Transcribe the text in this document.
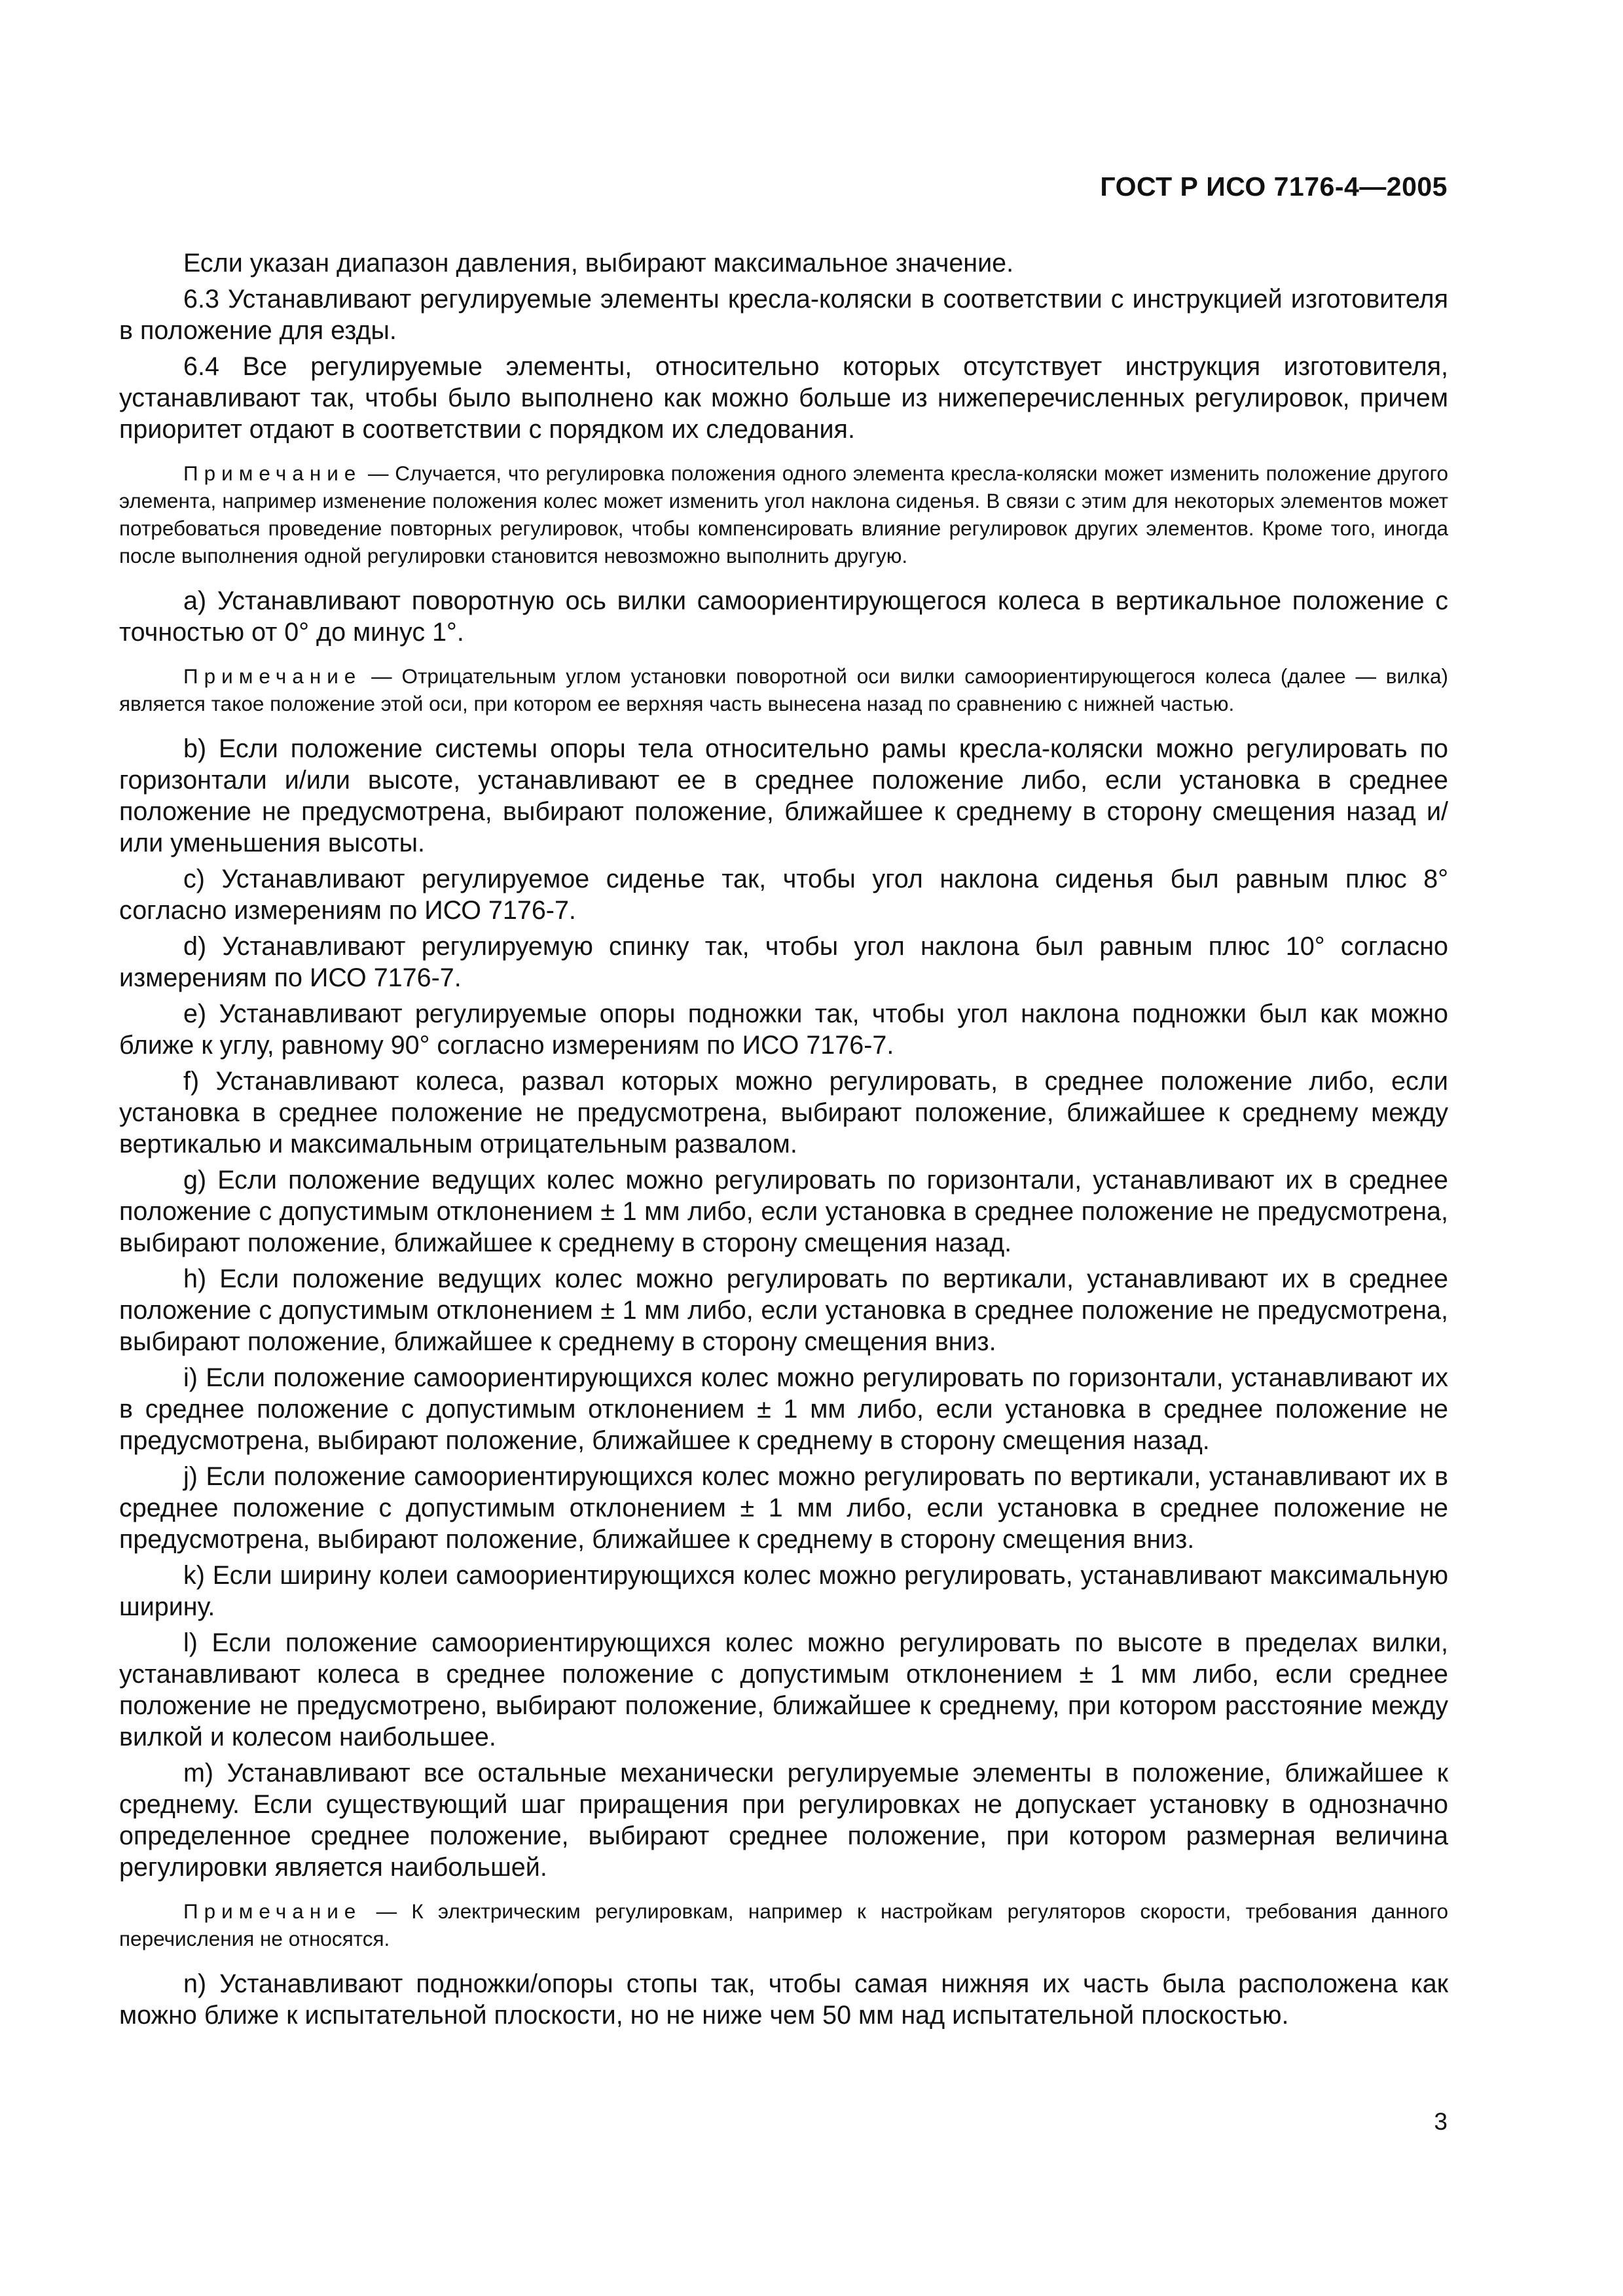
ГОСТ Р ИСО 7176-4—2005
Если указан диапазон давления, выбирают максимальное значение.
6.3 Устанавливают регулируемые элементы кресла-коляски в соответствии с инструкцией изготовителя в положение для езды.
6.4 Все регулируемые элементы, относительно которых отсутствует инструкция изготовителя, устанавливают так, чтобы было выполнено как можно больше из нижеперечисленных регулировок, причем приоритет отдают в соответствии с порядком их следования.
Примечание — Случается, что регулировка положения одного элемента кресла-коляски может изменить положение другого элемента, например изменение положения колес может изменить угол наклона сиденья. В связи с этим для некоторых элементов может потребоваться проведение повторных регулировок, чтобы компенсировать влияние регулировок других элементов. Кроме того, иногда после выполнения одной регулировки становится невозможно выполнить другую.
a) Устанавливают поворотную ось вилки самоориентирующегося колеса в вертикальное положение с точностью от 0° до минус 1°.
Примечание — Отрицательным углом установки поворотной оси вилки самоориентирующегося колеса (далее — вилка) является такое положение этой оси, при котором ее верхняя часть вынесена назад по сравнению с нижней частью.
b) Если положение системы опоры тела относительно рамы кресла-коляски можно регулировать по горизонтали и/или высоте, устанавливают ее в среднее положение либо, если установка в среднее положение не предусмотрена, выбирают положение, ближайшее к среднему в сторону смещения назад и/ или уменьшения высоты.
c) Устанавливают регулируемое сиденье так, чтобы угол наклона сиденья был равным плюс 8° согласно измерениям по ИСО 7176-7.
d) Устанавливают регулируемую спинку так, чтобы угол наклона был равным плюс 10° согласно измерениям по ИСО 7176-7.
e) Устанавливают регулируемые опоры подножки так, чтобы угол наклона подножки был как можно ближе к углу, равному 90° согласно измерениям по ИСО 7176-7.
f) Устанавливают колеса, развал которых можно регулировать, в среднее положение либо, если установка в среднее положение не предусмотрена, выбирают положение, ближайшее к среднему между вертикалью и максимальным отрицательным развалом.
g) Если положение ведущих колес можно регулировать по горизонтали, устанавливают их в среднее положение с допустимым отклонением ± 1 мм либо, если установка в среднее положение не предусмотрена, выбирают положение, ближайшее к среднему в сторону смещения назад.
h) Если положение ведущих колес можно регулировать по вертикали, устанавливают их в среднее положение с допустимым отклонением ± 1 мм либо, если установка в среднее положение не предусмотрена, выбирают положение, ближайшее к среднему в сторону смещения вниз.
i) Если положение самоориентирующихся колес можно регулировать по горизонтали, устанавливают их в среднее положение с допустимым отклонением ± 1 мм либо, если установка в среднее положение не предусмотрена, выбирают положение, ближайшее к среднему в сторону смещения назад.
j) Если положение самоориентирующихся колес можно регулировать по вертикали, устанавливают их в среднее положение с допустимым отклонением ± 1 мм либо, если установка в среднее положение не предусмотрена, выбирают положение, ближайшее к среднему в сторону смещения вниз.
k) Если ширину колеи самоориентирующихся колес можно регулировать, устанавливают максимальную ширину.
l) Если положение самоориентирующихся колес можно регулировать по высоте в пределах вилки, устанавливают колеса в среднее положение с допустимым отклонением ± 1 мм либо, если среднее положение не предусмотрено, выбирают положение, ближайшее к среднему, при котором расстояние между вилкой и колесом наибольшее.
m) Устанавливают все остальные механически регулируемые элементы в положение, ближайшее к среднему. Если существующий шаг приращения при регулировках не допускает установку в однозначно определенное среднее положение, выбирают среднее положение, при котором размерная величина регулировки является наибольшей.
Примечание — К электрическим регулировкам, например к настройкам регуляторов скорости, требования данного перечисления не относятся.
n) Устанавливают подножки/опоры стопы так, чтобы самая нижняя их часть была расположена как можно ближе к испытательной плоскости, но не ниже чем 50 мм над испытательной плоскостью.
3
